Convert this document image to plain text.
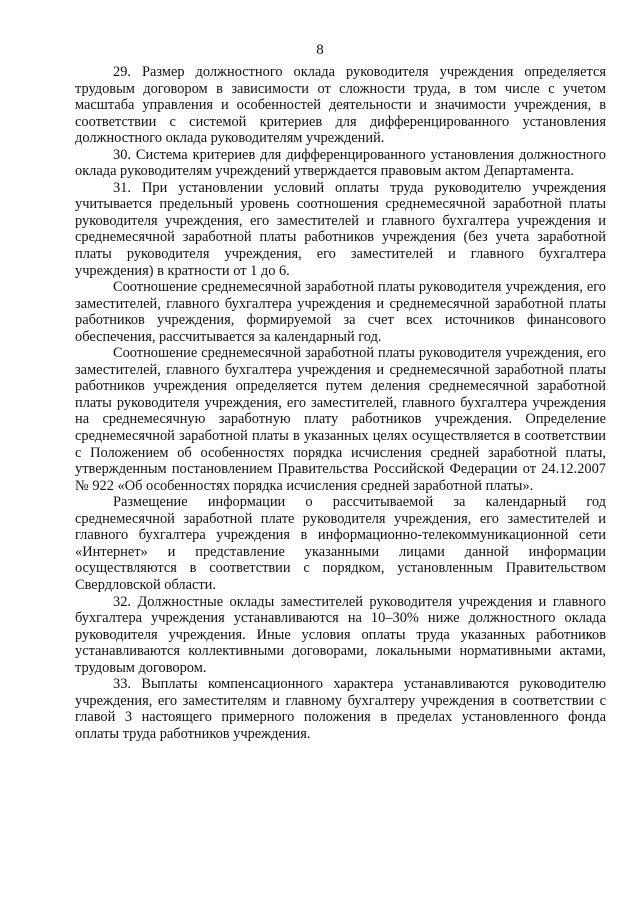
8

29. Размер должностного оклада руководителя учреждения определяется трудовым договором в зависимости от сложности труда, в том числе с учетом масштаба управления и особенностей деятельности и значимости учреждения, в соответствии с системой критериев для дифференцированного установления должностного оклада руководителям учреждений.

30. Система критериев для дифференцированного установления должностного оклада руководителям учреждений утверждается правовым актом Департамента.

31. При установлении условий оплаты труда руководителю учреждения учитывается предельный уровень соотношения среднемесячной заработной платы руководителя учреждения, его заместителей и главного бухгалтера учреждения и среднемесячной заработной платы работников учреждения (без учета заработной платы руководителя учреждения, его заместителей и главного бухгалтера учреждения) в кратности от 1 до 6.

Соотношение среднемесячной заработной платы руководителя учреждения, его заместителей, главного бухгалтера учреждения и среднемесячной заработной платы работников учреждения, формируемой за счет всех источников финансового обеспечения, рассчитывается за календарный год.

Соотношение среднемесячной заработной платы руководителя учреждения, его заместителей, главного бухгалтера учреждения и среднемесячной заработной платы работников учреждения определяется путем деления среднемесячной заработной платы руководителя учреждения, его заместителей, главного бухгалтера учреждения на среднемесячную заработную плату работников учреждения. Определение среднемесячной заработной платы в указанных целях осуществляется в соответствии с Положением об особенностях порядка исчисления средней заработной платы, утвержденным постановлением Правительства Российской Федерации от 24.12.2007 № 922 «Об особенностях порядка исчисления средней заработной платы».

Размещение информации о рассчитываемой за календарный год среднемесячной заработной плате руководителя учреждения, его заместителей и главного бухгалтера учреждения в информационно-телекоммуникационной сети «Интернет» и представление указанными лицами данной информации осуществляются в соответствии с порядком, установленным Правительством Свердловской области.

32. Должностные оклады заместителей руководителя учреждения и главного бухгалтера учреждения устанавливаются на 10–30% ниже должностного оклада руководителя учреждения. Иные условия оплаты труда указанных работников устанавливаются коллективными договорами, локальными нормативными актами, трудовым договором.

33. Выплаты компенсационного характера устанавливаются руководителю учреждения, его заместителям и главному бухгалтеру учреждения в соответствии с главой 3 настоящего примерного положения в пределах установленного фонда оплаты труда работников учреждения.
